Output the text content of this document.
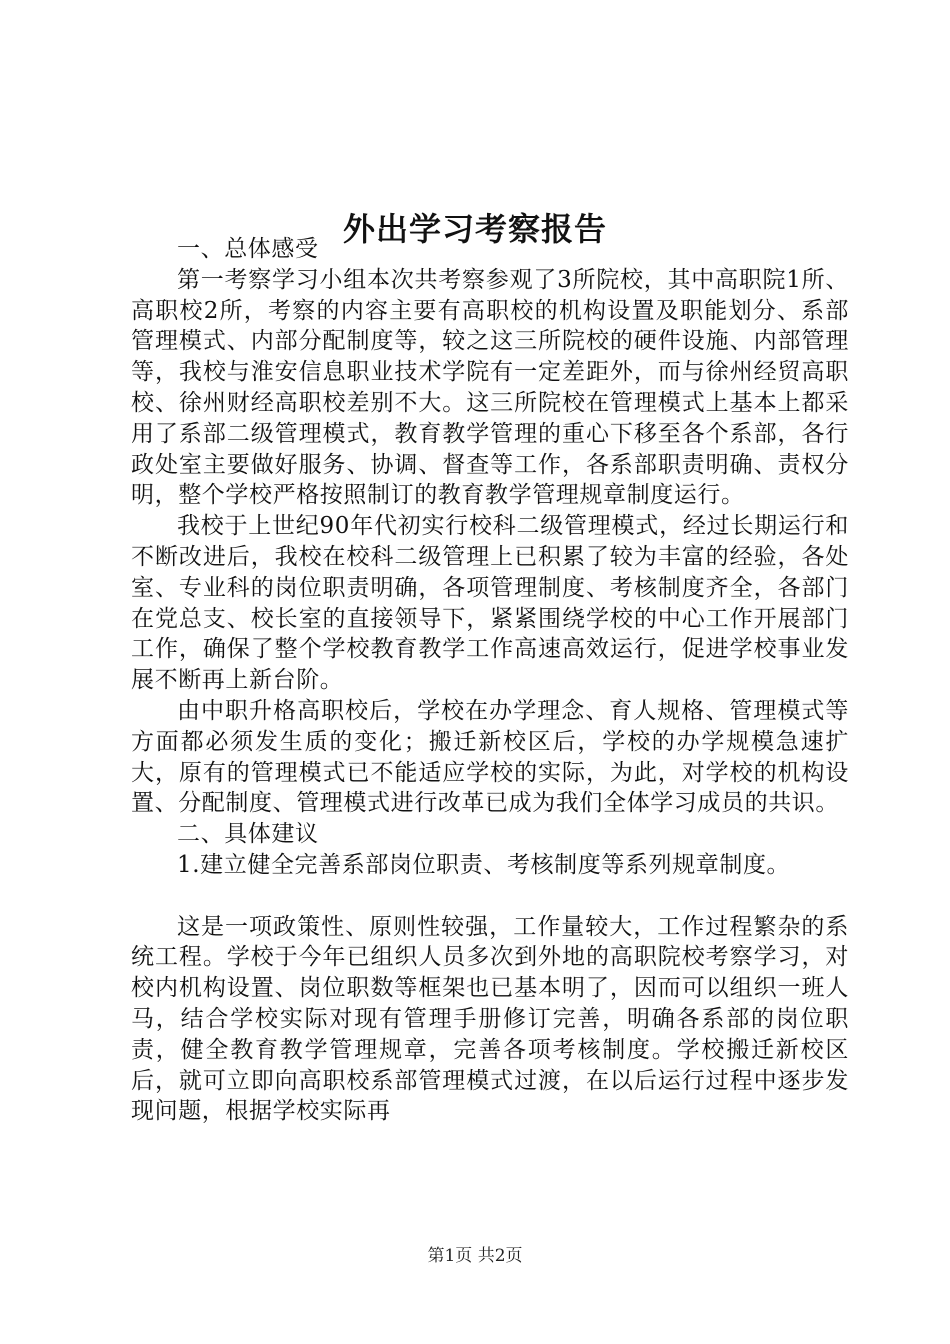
外出学习考察报告

一、总体感受

第一考察学习小组本次共考察参观了3所院校，其中高职院1所、高职校2所，考察的内容主要有高职校的机构设置及职能划分、系部管理模式、内部分配制度等，较之这三所院校的硬件设施、内部管理等，我校与淮安信息职业技术学院有一定差距外，而与徐州经贸高职校、徐州财经高职校差别不大。这三所院校在管理模式上基本上都采用了系部二级管理模式，教育教学管理的重心下移至各个系部，各行政处室主要做好服务、协调、督查等工作，各系部职责明确、责权分明，整个学校严格按照制订的教育教学管理规章制度运行。

我校于上世纪90年代初实行校科二级管理模式，经过长期运行和不断改进后，我校在校科二级管理上已积累了较为丰富的经验，各处室、专业科的岗位职责明确，各项管理制度、考核制度齐全，各部门在党总支、校长室的直接领导下，紧紧围绕学校的中心工作开展部门工作，确保了整个学校教育教学工作高速高效运行，促进学校事业发展不断再上新台阶。

由中职升格高职校后，学校在办学理念、育人规格、管理模式等方面都必须发生质的变化；搬迁新校区后，学校的办学规模急速扩大，原有的管理模式已不能适应学校的实际，为此，对学校的机构设置、分配制度、管理模式进行改革已成为我们全体学习成员的共识。

二、具体建议

1.建立健全完善系部岗位职责、考核制度等系列规章制度。

这是一项政策性、原则性较强，工作量较大，工作过程繁杂的系统工程。学校于今年已组织人员多次到外地的高职院校考察学习，对校内机构设置、岗位职数等框架也已基本明了，因而可以组织一班人马，结合学校实际对现有管理手册修订完善，明确各系部的岗位职责，健全教育教学管理规章，完善各项考核制度。学校搬迁新校区后，就可立即向高职校系部管理模式过渡，在以后运行过程中逐步发现问题，根据学校实际再

第1页 共2页
